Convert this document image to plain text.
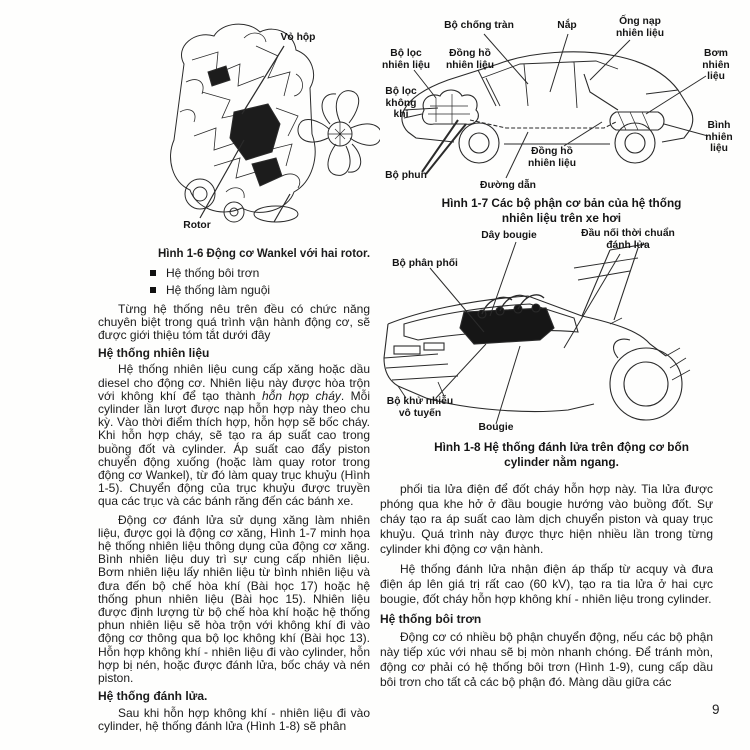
Vỏ hộp
Rotor
Hình 1-6 Động cơ Wankel với hai rotor.
Hệ thống bôi trơn
Hệ thống làm nguội

Từng hệ thống nêu trên đều có chức năng chuyên biệt trong quá trình vận hành động cơ, sẽ được giới thiệu tóm tắt dưới đây

Hệ thống nhiên liệu

Hệ thống nhiên liệu cung cấp xăng hoặc dầu diesel cho động cơ. Nhiên liệu này được hòa trộn với không khí để tạo thành hỗn hợp cháy. Mỗi cylinder lần lượt được nạp hỗn hợp này theo chu kỳ. Vào thời điểm thích hợp, hỗn hợp sẽ bốc cháy. Khi hỗn hợp cháy, sẽ tạo ra áp suất cao trong buồng đốt và cylinder. Áp suất cao đẩy piston chuyển động xuống (hoặc làm quay rotor trong động cơ Wankel), từ đó làm quay trục khuỷu (Hình 1-5). Chuyển động của trục khuỷu được truyền qua các trục và các bánh răng đến các bánh xe.

Động cơ đánh lửa sử dụng xăng làm nhiên liệu, được gọi là động cơ xăng, Hình 1-7 minh họa hệ thống nhiên liệu thông dụng của động cơ xăng. Bình nhiên liệu duy trì sự cung cấp nhiên liệu. Bơm nhiên liệu lấy nhiên liệu từ bình nhiên liệu và đưa đến bộ chế hòa khí (Bài học 17) hoặc hệ thống phun nhiên liệu (Bài học 15). Nhiên liệu được định lượng từ bộ chế hòa khí hoặc hệ thống phun nhiên liệu sẽ hòa trộn với không khí đi vào động cơ thông qua bộ lọc không khí (Bài học 13). Hỗn hợp không khí - nhiên liệu đi vào cylinder, hỗn hợp bị nén, hoặc được đánh lửa, bốc cháy và nén piston.

Hệ thống đánh lửa.

Sau khi hỗn hợp không khí - nhiên liệu đi vào cylinder, hệ thống đánh lửa (Hình 1-8) sẽ phân

Bộ chống tràn	Nắp	Ống nạp nhiên liệu
Bộ lọc nhiên liệu
Đồng hồ nhiên liệu
Bơm nhiên liệu
Bộ lọc không khí
Bình nhiên liệu
Đồng hồ nhiên liệu
Bộ phun
Đường dẫn
Hình 1-7 Các bộ phận cơ bản của hệ thống
nhiên liệu trên xe hơi
Dây bougie	Đầu nối thời chuẩn đánh lửa
Bộ phân phối
Bộ khử nhiễu vô tuyến
Bougie
Hình 1-8 Hệ thống đánh lửa trên động cơ bốn
cylinder nằm ngang.

phối tia lửa điện để đốt cháy hỗn hợp này. Tia lửa được phóng qua khe hở ở đầu bougie hướng vào buồng đốt. Sự cháy tạo ra áp suất cao làm dịch chuyển piston và quay trục khuỷu. Quá trình này được thực hiện nhiều lần trong từng cylinder khi động cơ vận hành.

Hệ thống đánh lửa nhận điện áp thấp từ acquy và đưa điện áp lên giá trị rất cao (60 kV), tạo ra tia lửa ở hai cực bougie, đốt cháy hỗn hợp không khí - nhiên liệu trong cylinder.

Hệ thống bôi trơn

Động cơ có nhiều bộ phận chuyển động, nếu các bộ phận này tiếp xúc với nhau sẽ bị mòn nhanh chóng. Để tránh mòn, động cơ phải có hệ thống bôi trơn (Hình 1-9), cung cấp dầu bôi trơn cho tất cả các bộ phận đó. Màng dầu giữa các

9
